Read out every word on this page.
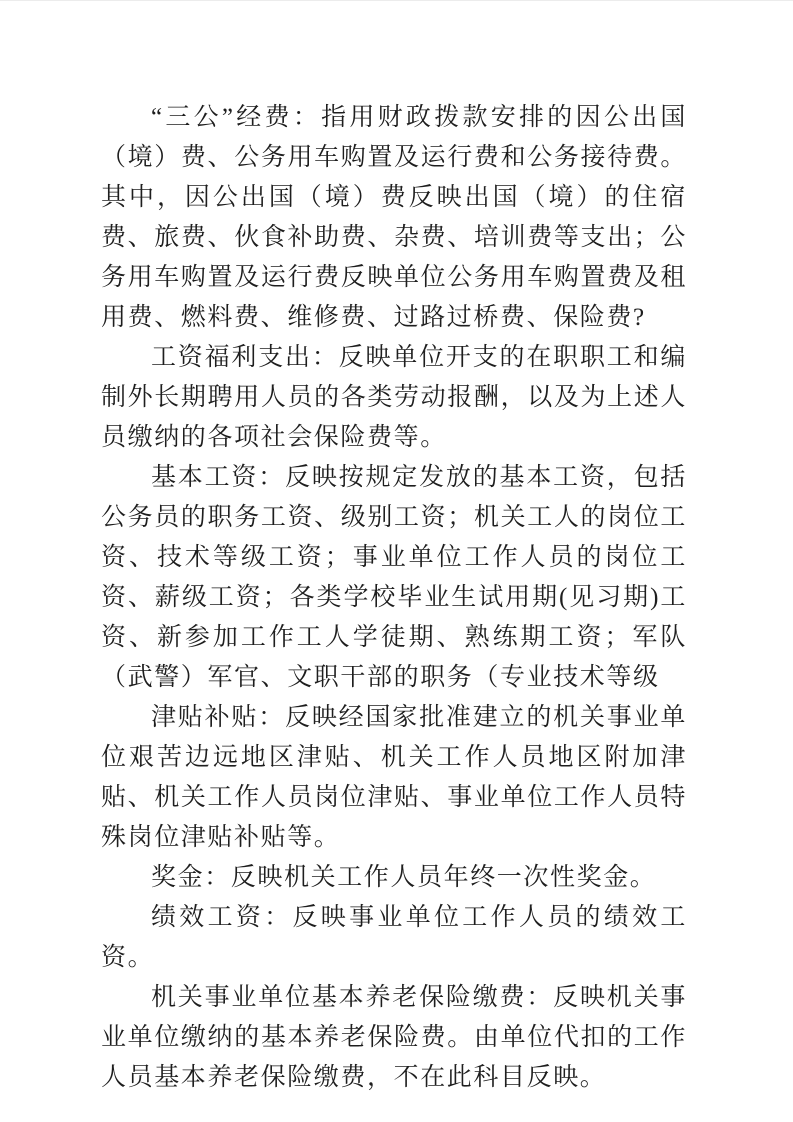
“三公”经费：指用财政拨款安排的因公出国（境）费、公务用车购置及运行费和公务接待费。其中，因公出国（境）费反映出国（境）的住宿费、旅费、伙食补助费、杂费、培训费等支出；公务用车购置及运行费反映单位公务用车购置费及租用费、燃料费、维修费、过路过桥费、保险费?

工资福利支出：反映单位开支的在职职工和编制外长期聘用人员的各类劳动报酬，以及为上述人员缴纳的各项社会保险费等。

基本工资：反映按规定发放的基本工资，包括公务员的职务工资、级别工资；机关工人的岗位工资、技术等级工资；事业单位工作人员的岗位工资、薪级工资；各类学校毕业生试用期(见习期)工资、新参加工作工人学徒期、熟练期工资；军队（武警）军官、文职干部的职务（专业技术等级

津贴补贴：反映经国家批准建立的机关事业单位艰苦边远地区津贴、机关工作人员地区附加津贴、机关工作人员岗位津贴、事业单位工作人员特殊岗位津贴补贴等。

奖金：反映机关工作人员年终一次性奖金。

绩效工资：反映事业单位工作人员的绩效工资。

机关事业单位基本养老保险缴费：反映机关事业单位缴纳的基本养老保险费。由单位代扣的工作人员基本养老保险缴费，不在此科目反映。
